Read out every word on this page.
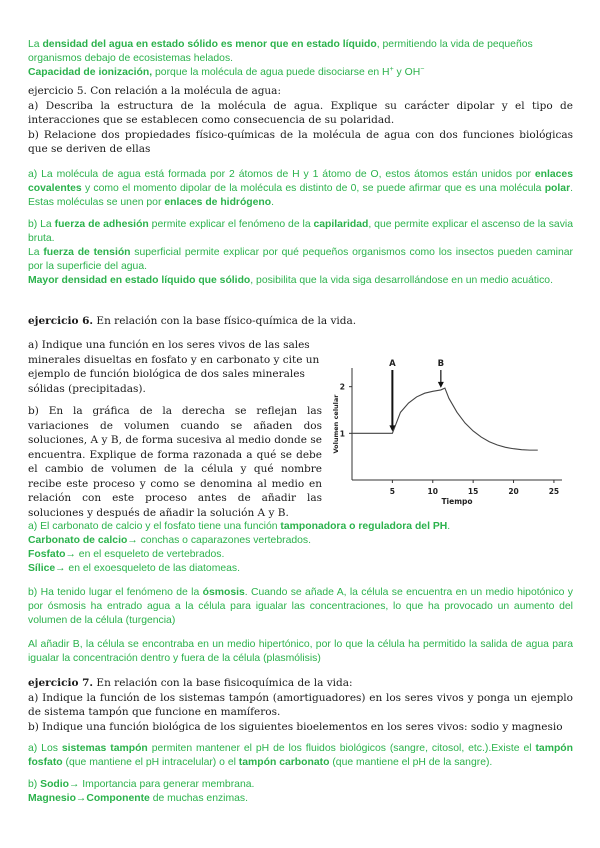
La densidad del agua en estado sólido es menor que en estado líquido, permitiendo la vida de pequeños

organismos debajo de ecosistemas helados.

Capacidad de ionización, porque la molécula de agua puede disociarse en H+ y OH−

ejercicio 5. Con relación a la molécula de agua:

a) Describa la estructura de la molécula de agua. Explique su carácter dipolar y el tipo de interacciones que se establecen como consecuencia de su polaridad.

b) Relacione dos propiedades físico-químicas de la molécula de agua con dos funciones biológicas que se deriven de ellas

a) La molécula de agua está formada por 2 átomos de H y 1 átomo de O, estos átomos están unidos por enlaces covalentes y como el momento dipolar de la molécula es distinto de 0, se puede afirmar que es una molécula polar. Estas moléculas se unen por enlaces de hidrógeno.

b) La fuerza de adhesión permite explicar el fenómeno de la capilaridad, que permite explicar el ascenso de la savia bruta.

La fuerza de tensión superficial permite explicar por qué pequeños organismos como los insectos pueden caminar por la superficie del agua.

Mayor densidad en estado líquido que sólido, posibilita que la vida siga desarrollándose en un medio acuático.

ejercicio 6. En relación con la base físico-química de la vida.

a) Indique una función en los seres vivos de las sales minerales disueltas en fosfato y en carbonato y cite un ejemplo de función biológica de dos sales minerales sólidas (precipitadas).

b) En la gráfica de la derecha se reflejan las variaciones de volumen cuando se añaden dos soluciones, A y B, de forma sucesiva al medio donde se encuentra. Explique de forma razonada a qué se debe el cambio de volumen de la célula y qué nombre recibe este proceso y como se denomina al medio en relación con este proceso antes de añadir las soluciones y después de añadir la solución A y B.

5	10	15	20	25
1
2
Tiempo
Volumen celular
A	B

a) El carbonato de calcio y el fosfato tiene una función tamponadora o reguladora del PH.

Carbonato de calcio→ conchas o caparazones vertebrados.

Fosfato→ en el esqueleto de vertebrados.

Sílice→ en el exoesqueleto de las diatomeas.

b) Ha tenido lugar el fenómeno de la ósmosis. Cuando se añade A, la célula se encuentra en un medio hipotónico y por ósmosis ha entrado agua a la célula para igualar las concentraciones, lo que ha provocado un aumento del volumen de la célula (turgencia)

Al añadir B, la célula se encontraba en un medio hipertónico, por lo que la célula ha permitido la salida de agua para igualar la concentración dentro y fuera de la célula (plasmólisis)

ejercicio 7. En relación con la base fisicoquímica de la vida:

a) Indique la función de los sistemas tampón (amortiguadores) en los seres vivos y ponga un ejemplo de sistema tampón que funcione en mamíferos.

b) Indique una función biológica de los siguientes bioelementos en los seres vivos: sodio y magnesio

a) Los sistemas tampón permiten mantener el pH de los fluidos biológicos (sangre, citosol, etc.).Existe el tampón fosfato (que mantiene el pH intracelular) o el tampón carbonato (que mantiene el pH de la sangre).

b) Sodio→ Importancia para generar membrana.

Magnesio→Componente de muchas enzimas.
